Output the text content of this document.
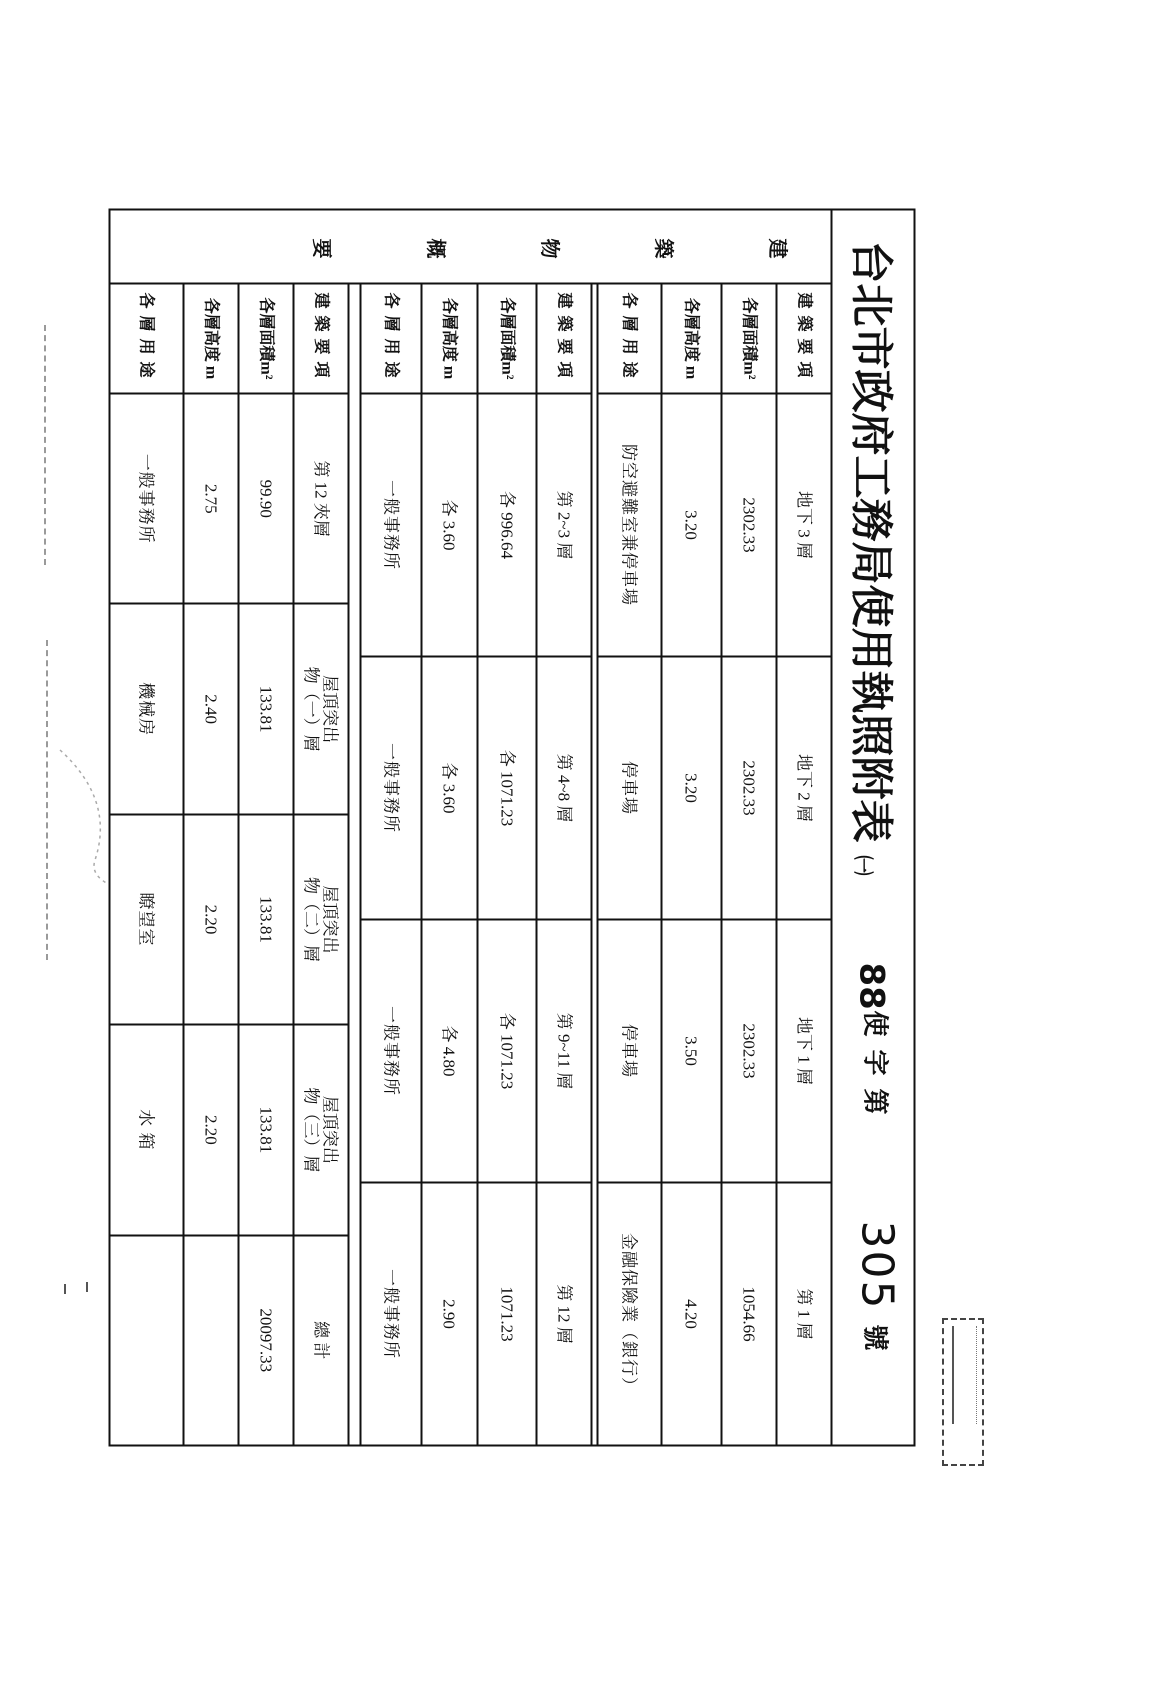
台北市政府工務局使用執照附表
㈠
88
使字第
305
號
建築物概要
建築要項
地下 3 層
地下 2 層
地下 1 層
第 1 層
各層面積m²
2302.33
2302.33
2302.33
1054.66
各層高度 m
3.20
3.20
3.50
4.20
各層用途
防空避難室兼停車場
停車場
停車場
金融保險業（銀行）
建築要項
第 2~3 層
第 4~8 層
第 9~11 層
第 12 層
各層面積m²
各 996.64
各 1071.23
各 1071.23
1071.23
各層高度 m
各 3.60
各 3.60
各 4.80
2.90
各層用途
一般事務所
一般事務所
一般事務所
一般事務所
建築要項
第 12 夾層
屋頂突出
物（一）層
屋頂突出
物（二）層
屋頂突出
物（三）層
總 計
各層面積m²
99.90
133.81
133.81
133.81
20097.33
各層高度 m
2.75
2.40
2.20
2.20
各層用途
一般事務所
機械房
瞭望室
水 箱
